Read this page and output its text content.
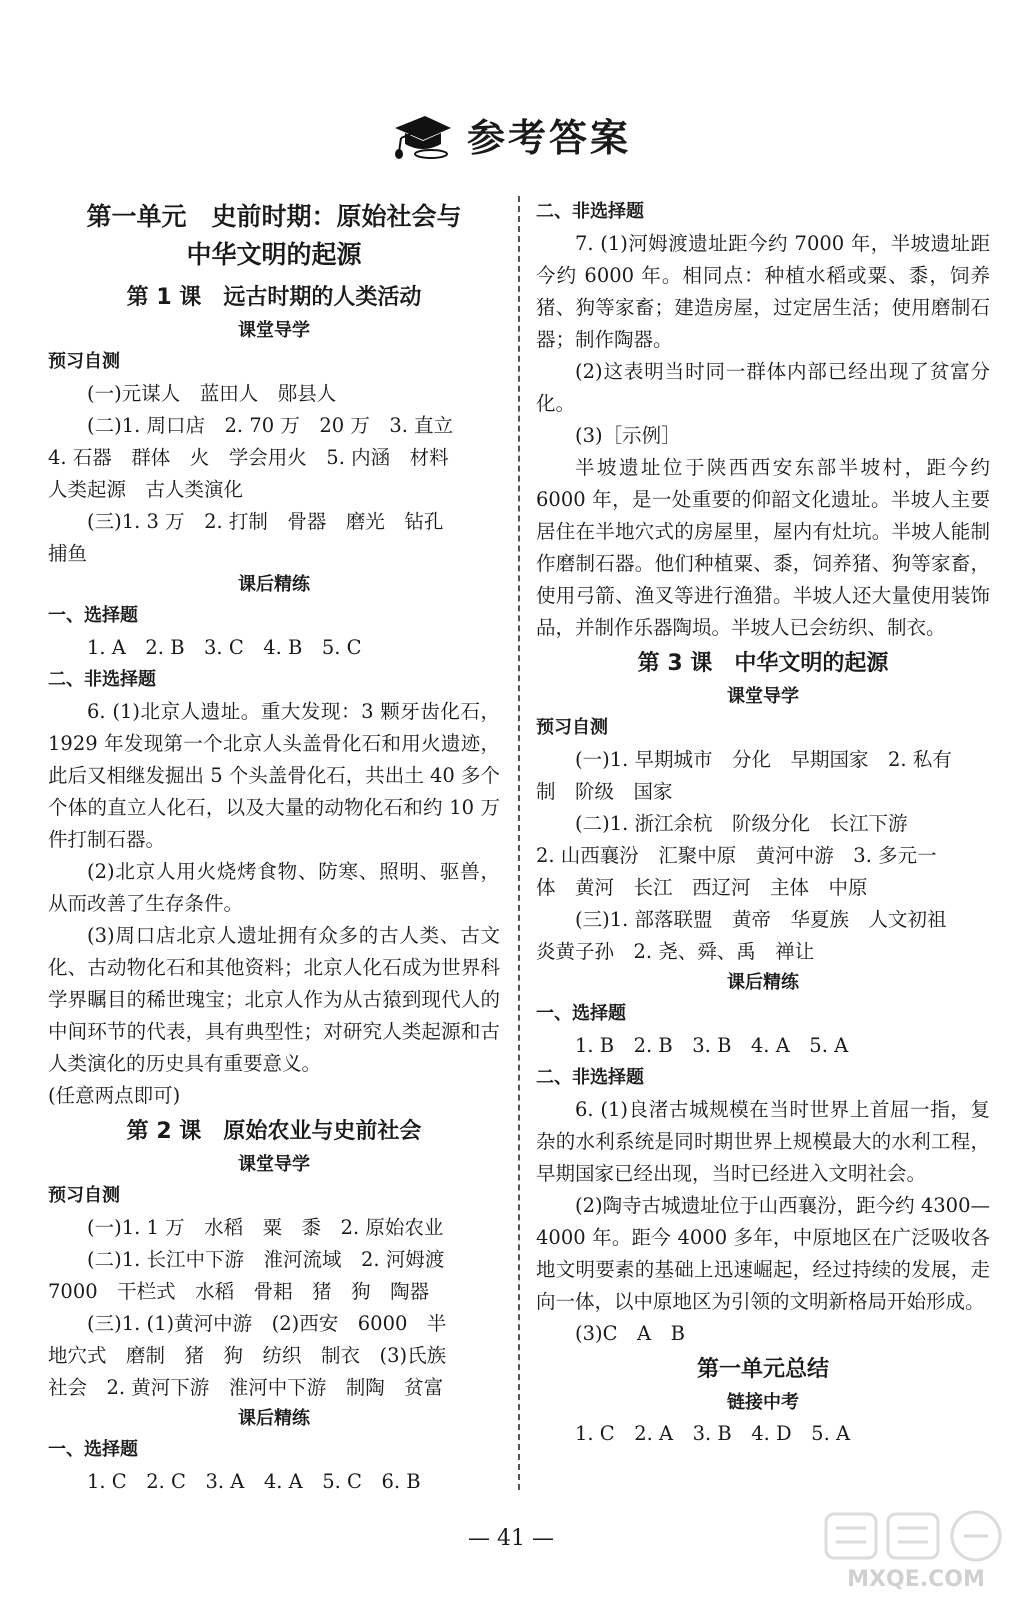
参考答案
第一单元　史前时期：原始社会与
中华文明的起源
第 1 课 远古时期的人类活动
课堂导学
预习自测

(一)元谋人　蓝田人　郧县人

(二)1. 周口店　2. 70 万　20 万　3. 直立

4. 石器　群体　火　学会用火　5. 内涵　材料

人类起源　古人类演化

(三)1. 3 万　2. 打制　骨器　磨光　钻孔

捕鱼

课后精练
一、选择题

1. A　2. B　3. C　4. B　5. C

二、非选择题

6. (1)北京人遗址。重大发现：3 颗牙齿化石，1929 年发现第一个北京人头盖骨化石和用火遗迹，此后又相继发掘出 5 个头盖骨化石，共出土 40 多个个体的直立人化石，以及大量的动物化石和约 10 万件打制石器。

(2)北京人用火烧烤食物、防寒、照明、驱兽，从而改善了生存条件。

(3)周口店北京人遗址拥有众多的古人类、古文化、古动物化石和其他资料；北京人化石成为世界科学界瞩目的稀世瑰宝；北京人作为从古猿到现代人的中间环节的代表，具有典型性；对研究人类起源和古人类演化的历史具有重要意义。

(任意两点即可)

第 2 课 原始农业与史前社会
课堂导学
预习自测

(一)1. 1 万　水稻　粟　黍　2. 原始农业

(二)1. 长江中下游　淮河流域　2. 河姆渡

7000　干栏式　水稻　骨耜　猪　狗　陶器

(三)1. (1)黄河中游　(2)西安　6000　半

地穴式　磨制　猪　狗　纺织　制衣　(3)氏族

社会　2. 黄河下游　淮河中下游　制陶　贫富

课后精练
一、选择题

1. C　2. C　3. A　4. A　5. C　6. B

二、非选择题

7. (1)河姆渡遗址距今约 7000 年，半坡遗址距今约 6000 年。相同点：种植水稻或粟、黍，饲养猪、狗等家畜；建造房屋，过定居生活；使用磨制石器；制作陶器。

(2)这表明当时同一群体内部已经出现了贫富分化。

(3)［示例］

半坡遗址位于陕西西安东部半坡村，距今约 6000 年，是一处重要的仰韶文化遗址。半坡人主要居住在半地穴式的房屋里，屋内有灶坑。半坡人能制作磨制石器。他们种植粟、黍，饲养猪、狗等家畜，使用弓箭、渔叉等进行渔猎。半坡人还大量使用装饰品，并制作乐器陶埙。半坡人已会纺织、制衣。

第 3 课 中华文明的起源
课堂导学
预习自测

(一)1. 早期城市　分化　早期国家　2. 私有

制　阶级　国家

(二)1. 浙江余杭　阶级分化　长江下游

2. 山西襄汾　汇聚中原　黄河中游　3. 多元一

体　黄河　长江　西辽河　主体　中原

(三)1. 部落联盟　黄帝　华夏族　人文初祖

炎黄子孙　2. 尧、舜、禹　禅让

课后精练
一、选择题

1. B　2. B　3. B　4. A　5. A

二、非选择题

6. (1)良渚古城规模在当时世界上首屈一指，复杂的水利系统是同时期世界上规模最大的水利工程，早期国家已经出现，当时已经进入文明社会。

(2)陶寺古城遗址位于山西襄汾，距今约 4300—4000 年。距今 4000 多年，中原地区在广泛吸收各地文明要素的基础上迅速崛起，经过持续的发展，走向一体，以中原地区为引领的文明新格局开始形成。

(3)C　A　B

第一单元总结
链接中考

1. C　2. A　3. B　4. D　5. A

— 41 —
MXQE.COM
